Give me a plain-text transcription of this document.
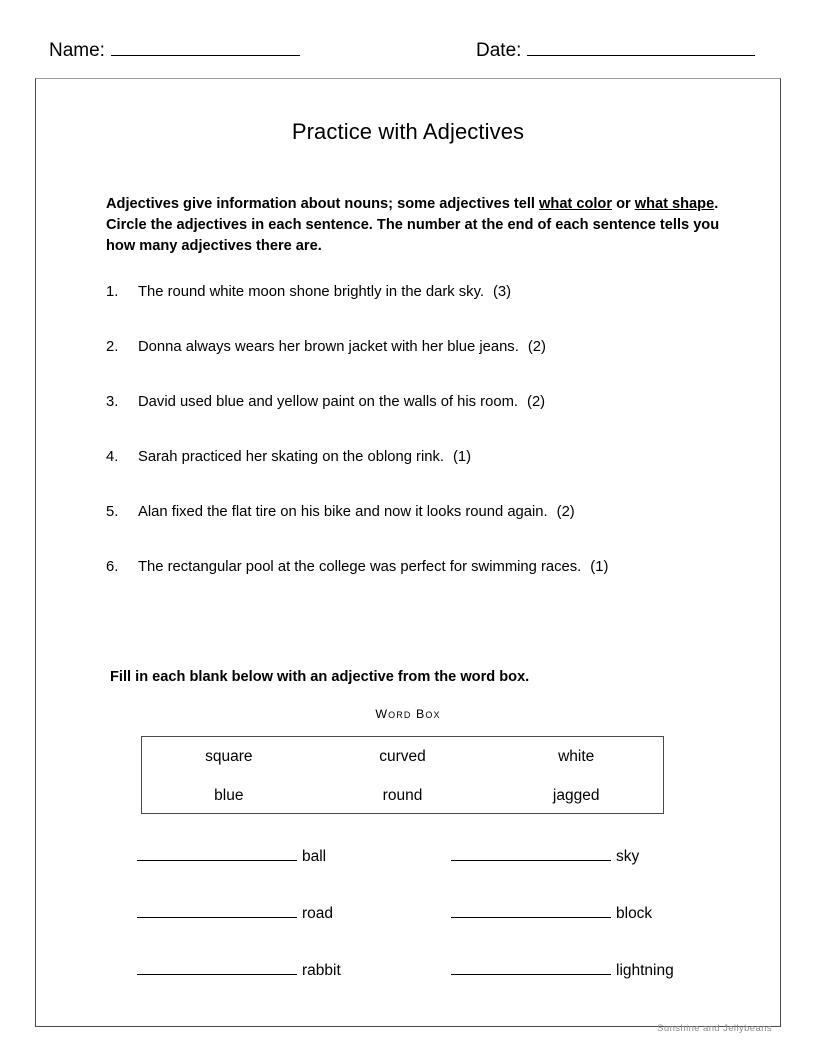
Name:	Date:
Practice with Adjectives
Adjectives give information about nouns; some adjectives tell what color or what shape. Circle the adjectives in each sentence. The number at the end of each sentence tells you how many adjectives there are.
1.	The round white moon shone brightly in the dark sky. (3)
2.	Donna always wears her brown jacket with her blue jeans. (2)
3.	David used blue and yellow paint on the walls of his room. (2)
4.	Sarah practiced her skating on the oblong rink. (1)
5.	Alan fixed the flat tire on his bike and now it looks round again. (2)
6.	The rectangular pool at the college was perfect for swimming races. (1)
Fill in each blank below with an adjective from the word box.
Word Box
square	curved	white
blue	round	jagged
ball	sky
road	block
rabbit	lightning
Sunshine and Jellybeans
